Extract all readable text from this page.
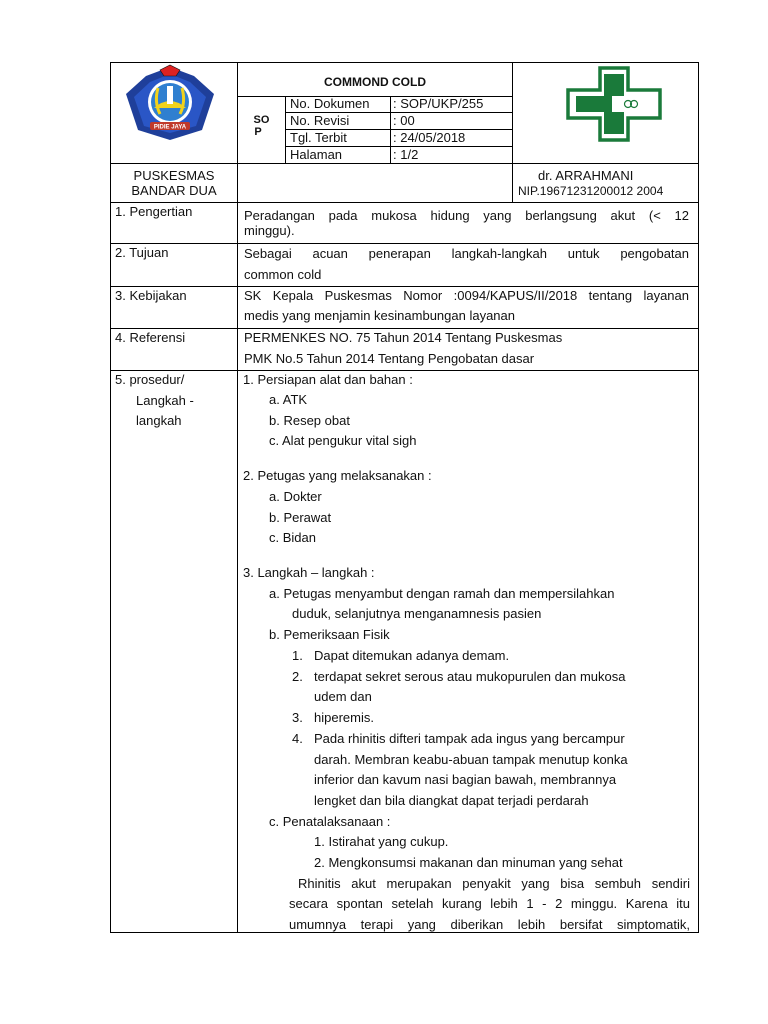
PIDIE JAYA
COMMOND COLD
SO
P
No. Dokumen : SOP/UKP/255
No. Revisi	: 00
Tgl. Terbit	: 24/05/2018
Halaman	: 1/2
PUSKESMAS
BANDAR DUA
dr. ARRAHMANI
NIP.19671231200012 2004
1. Pengertian	Peradangan pada mukosa hidung yang berlangsung akut (< 12
minggu).
2. Tujuan	Sebagai acuan penerapan langkah-langkah untuk pengobatan
common cold
3. Kebijakan	SK Kepala Puskesmas Nomor :0094/KAPUS/II/2018 tentang layanan
medis yang menjamin kesinambungan layanan
4. Referensi	PERMENKES NO. 75 Tahun 2014 Tentang Puskesmas
PMK No.5 Tahun 2014 Tentang Pengobatan dasar
5. prosedur/
Langkah -
langkah
1. Persiapan alat dan bahan :
a. ATK
b. Resep obat
c. Alat pengukur vital sigh
2. Petugas yang melaksanakan :
a. Dokter
b. Perawat
c. Bidan
3. Langkah – langkah :
a. Petugas menyambut dengan ramah dan mempersilahkan
duduk, selanjutnya menganamnesis pasien
b. Pemeriksaan Fisik
1. Dapat ditemukan adanya demam.
2. terdapat sekret serous atau mukopurulen dan mukosa
udem dan
3. hiperemis.
4. Pada rhinitis difteri tampak ada ingus yang bercampur
darah. Membran keabu-abuan tampak menutup konka
inferior dan kavum nasi bagian bawah, membrannya
lengket dan bila diangkat dapat terjadi perdarah
c. Penatalaksanaan :
1. Istirahat yang cukup.
2. Mengkonsumsi makanan dan minuman yang sehat
Rhinitis akut merupakan penyakit yang bisa sembuh sendiri
secara spontan setelah kurang lebih 1 - 2 minggu. Karena itu
umumnya terapi yang diberikan lebih bersifat simptomatik,
